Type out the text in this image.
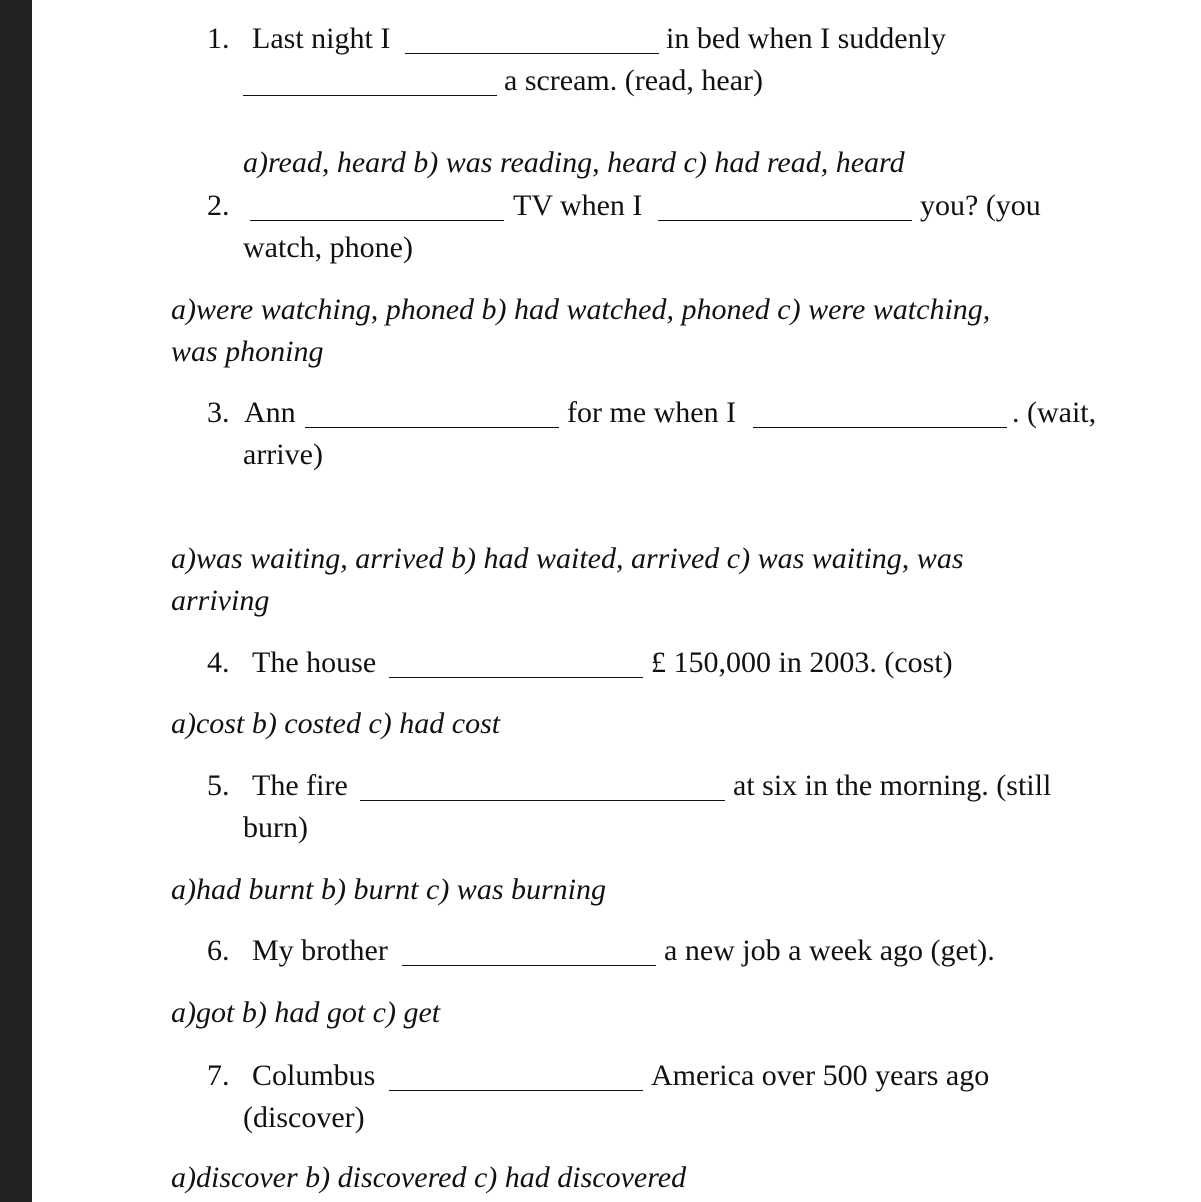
1. Last night I	in bed when I suddenly
a scream. (read, hear)
a)read, heard b) was reading, heard c) had read, heard
2.	TV when I	you? (you
watch, phone)
a)were watching, phoned b) had watched, phoned c) were watching,
was phoning
3. Ann	for me when I	. (wait,
arrive)
a)was waiting, arrived b) had waited, arrived c) was waiting, was
arriving
4. The house	£ 150,000 in 2003. (cost)
a)cost b) costed c) had cost
5. The fire	at six in the morning. (still
burn)
a)had burnt b) burnt c) was burning
6. My brother	a new job a week ago (get).
a)got b) had got c) get
7. Columbus	America over 500 years ago
(discover)
a)discover b) discovered c) had discovered
